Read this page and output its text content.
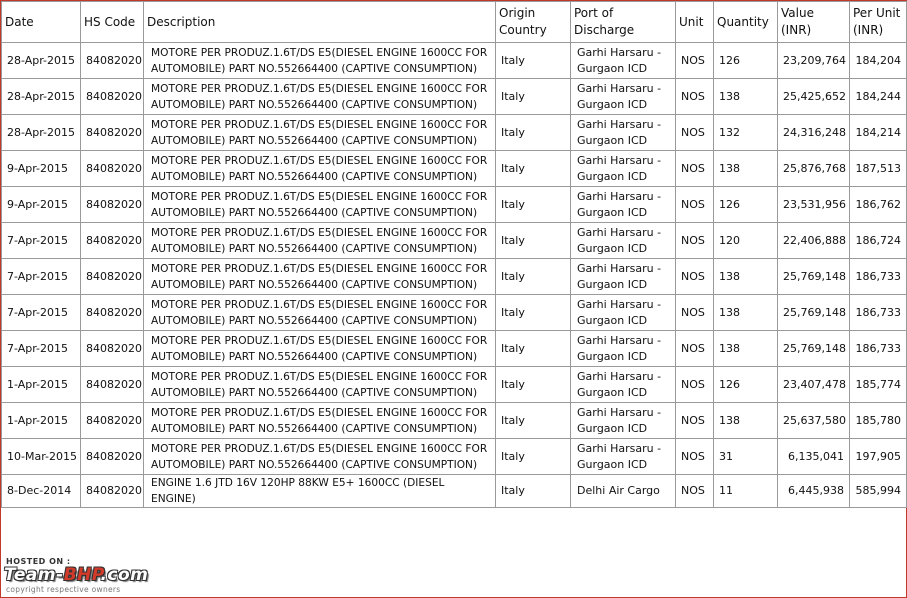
Date	HS Code	Description	Origin Country	Port of Discharge	Unit	Quantity	Value (INR)	Per Unit (INR)
28-Apr-2015	84082020	MOTORE PER PRODUZ.1.6T/DS E5(DIESEL ENGINE 1600CC FOR AUTOMOBILE) PART NO.552664400 (CAPTIVE CONSUMPTION)	Italy	Garhi Harsaru - Gurgaon ICD	NOS	126	23,209,764	184,204
28-Apr-2015	84082020	MOTORE PER PRODUZ.1.6T/DS E5(DIESEL ENGINE 1600CC FOR AUTOMOBILE) PART NO.552664400 (CAPTIVE CONSUMPTION)	Italy	Garhi Harsaru - Gurgaon ICD	NOS	138	25,425,652	184,244
28-Apr-2015	84082020	MOTORE PER PRODUZ.1.6T/DS E5(DIESEL ENGINE 1600CC FOR AUTOMOBILE) PART NO.552664400 (CAPTIVE CONSUMPTION)	Italy	Garhi Harsaru - Gurgaon ICD	NOS	132	24,316,248	184,214
9-Apr-2015	84082020	MOTORE PER PRODUZ.1.6T/DS E5(DIESEL ENGINE 1600CC FOR AUTOMOBILE) PART NO.552664400 (CAPTIVE CONSUMPTION)	Italy	Garhi Harsaru - Gurgaon ICD	NOS	138	25,876,768	187,513
9-Apr-2015	84082020	MOTORE PER PRODUZ.1.6T/DS E5(DIESEL ENGINE 1600CC FOR AUTOMOBILE) PART NO.552664400 (CAPTIVE CONSUMPTION)	Italy	Garhi Harsaru - Gurgaon ICD	NOS	126	23,531,956	186,762
7-Apr-2015	84082020	MOTORE PER PRODUZ.1.6T/DS E5(DIESEL ENGINE 1600CC FOR AUTOMOBILE) PART NO.552664400 (CAPTIVE CONSUMPTION)	Italy	Garhi Harsaru - Gurgaon ICD	NOS	120	22,406,888	186,724
7-Apr-2015	84082020	MOTORE PER PRODUZ.1.6T/DS E5(DIESEL ENGINE 1600CC FOR AUTOMOBILE) PART NO.552664400 (CAPTIVE CONSUMPTION)	Italy	Garhi Harsaru - Gurgaon ICD	NOS	138	25,769,148	186,733
7-Apr-2015	84082020	MOTORE PER PRODUZ.1.6T/DS E5(DIESEL ENGINE 1600CC FOR AUTOMOBILE) PART NO.552664400 (CAPTIVE CONSUMPTION)	Italy	Garhi Harsaru - Gurgaon ICD	NOS	138	25,769,148	186,733
7-Apr-2015	84082020	MOTORE PER PRODUZ.1.6T/DS E5(DIESEL ENGINE 1600CC FOR AUTOMOBILE) PART NO.552664400 (CAPTIVE CONSUMPTION)	Italy	Garhi Harsaru - Gurgaon ICD	NOS	138	25,769,148	186,733
1-Apr-2015	84082020	MOTORE PER PRODUZ.1.6T/DS E5(DIESEL ENGINE 1600CC FOR AUTOMOBILE) PART NO.552664400 (CAPTIVE CONSUMPTION)	Italy	Garhi Harsaru - Gurgaon ICD	NOS	126	23,407,478	185,774
1-Apr-2015	84082020	MOTORE PER PRODUZ.1.6T/DS E5(DIESEL ENGINE 1600CC FOR AUTOMOBILE) PART NO.552664400 (CAPTIVE CONSUMPTION)	Italy	Garhi Harsaru - Gurgaon ICD	NOS	138	25,637,580	185,780
10-Mar-2015	84082020	MOTORE PER PRODUZ.1.6T/DS E5(DIESEL ENGINE 1600CC FOR AUTOMOBILE) PART NO.552664400 (CAPTIVE CONSUMPTION)	Italy	Garhi Harsaru - Gurgaon ICD	NOS	31	6,135,041	197,905
8-Dec-2014	84082020	ENGINE 1.6 JTD 16V 120HP 88KW E5+ 1600CC (DIESEL ENGINE)	Italy	Delhi Air Cargo	NOS	11	6,445,938	585,994
HOSTED ON :
Team-BHP.com
copyright respective owners
